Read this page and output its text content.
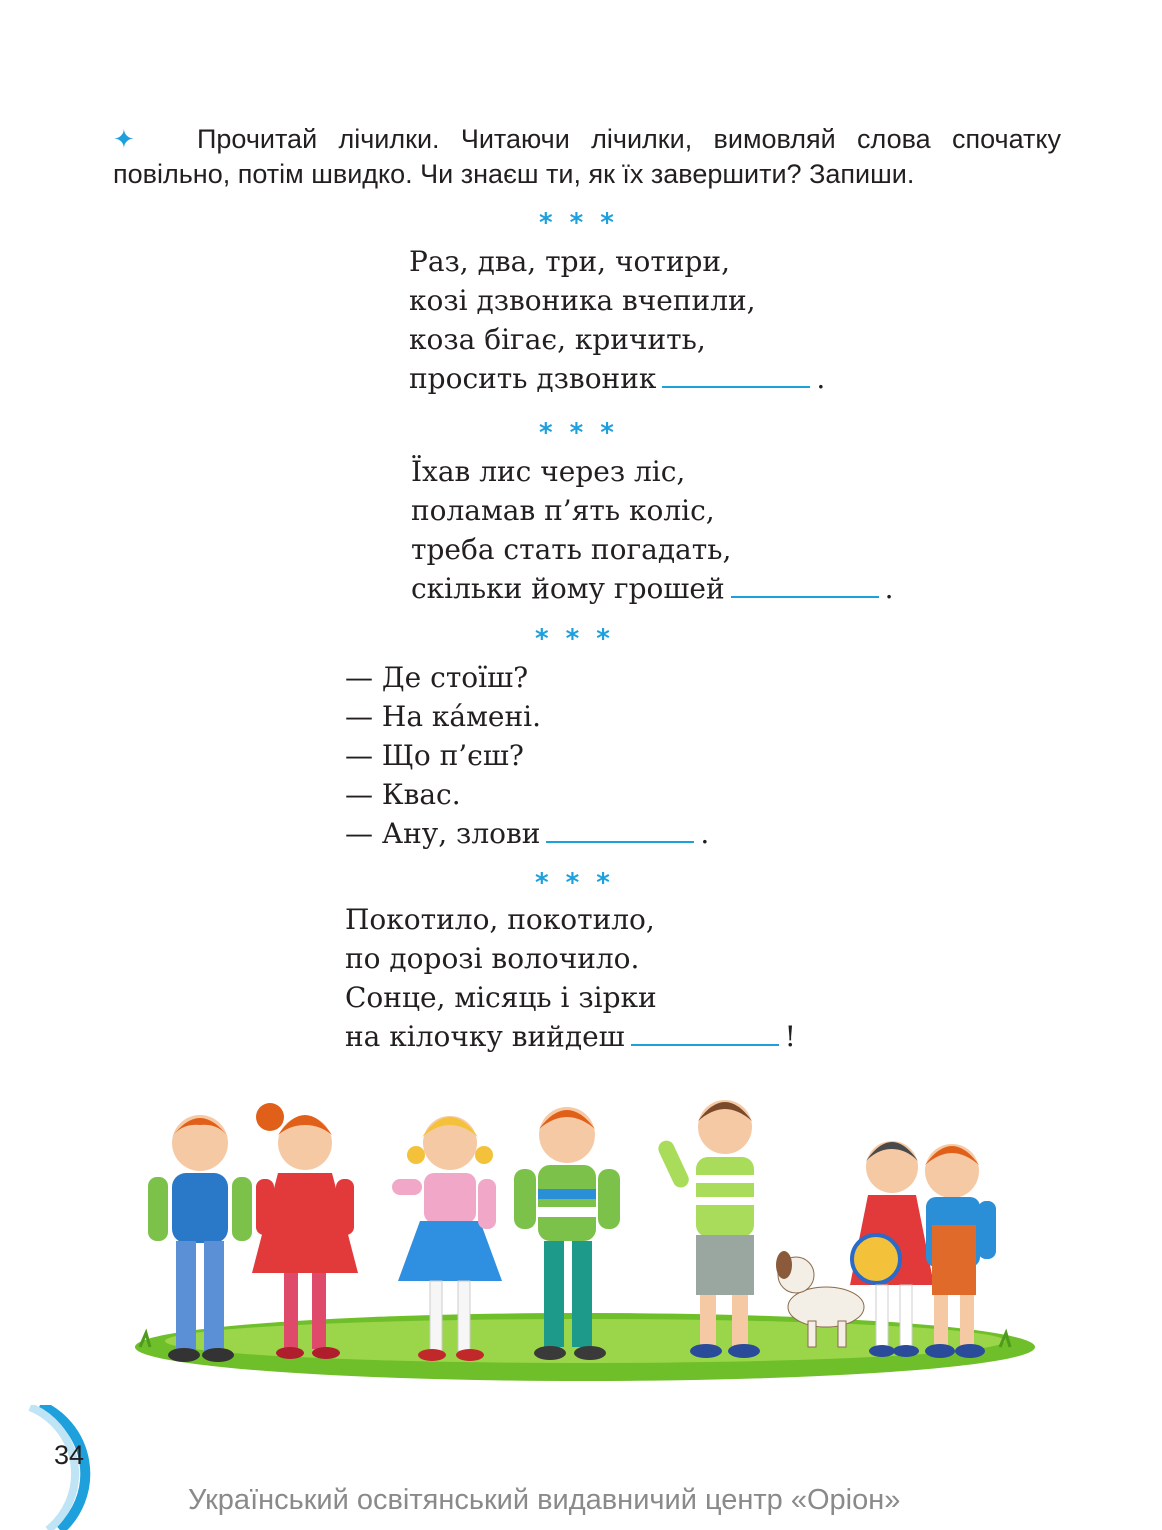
✦ Прочитай лічилки. Читаючи лічилки, вимовляй слова спочатку повільно, потім швидко. Чи знаєш ти, як їх завершити? Запиши.
* * *
Раз, два, три, чотири,
козі дзвоника вчепили,
коза бігає, кричить,
просить дзвоник	.
* * *
Їхав лис через ліс,
поламав п’ять коліс,
треба стать погадать,
скільки йому грошей	.
* * *
— Де стоїш?
— На ка́мені.
— Що п’єш?
— Квас.
— Ану, злови	.
* * *
Покотило, покотило,
по дорозі волочило.
Сонце, місяць і зірки
на кілочку вийдеш	!
34
Український освітянський видавничий центр «Оріон»
